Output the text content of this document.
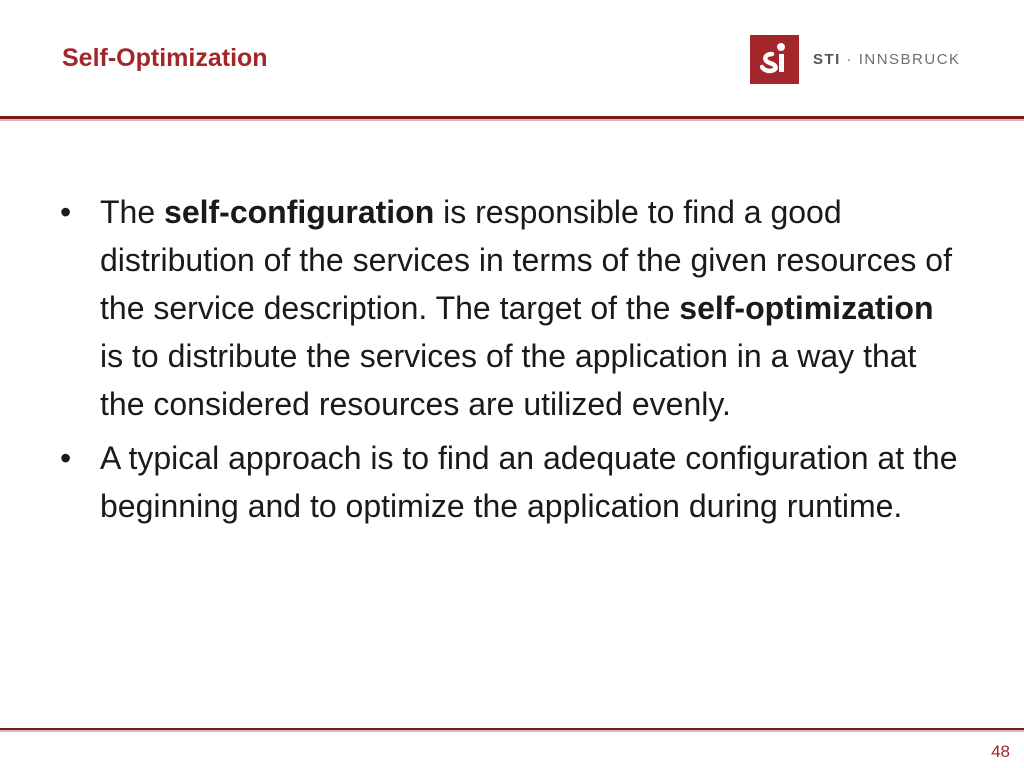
Self-Optimization	STI · INNSBRUCK

• The self-configuration is responsible to find a good distribution of the services in terms of the given resources of the service description. The target of the self-optimization is to distribute the services of the application in a way that the considered resources are utilized evenly.

• A typical approach is to find an adequate configuration at the beginning and to optimize the application during runtime.

48
